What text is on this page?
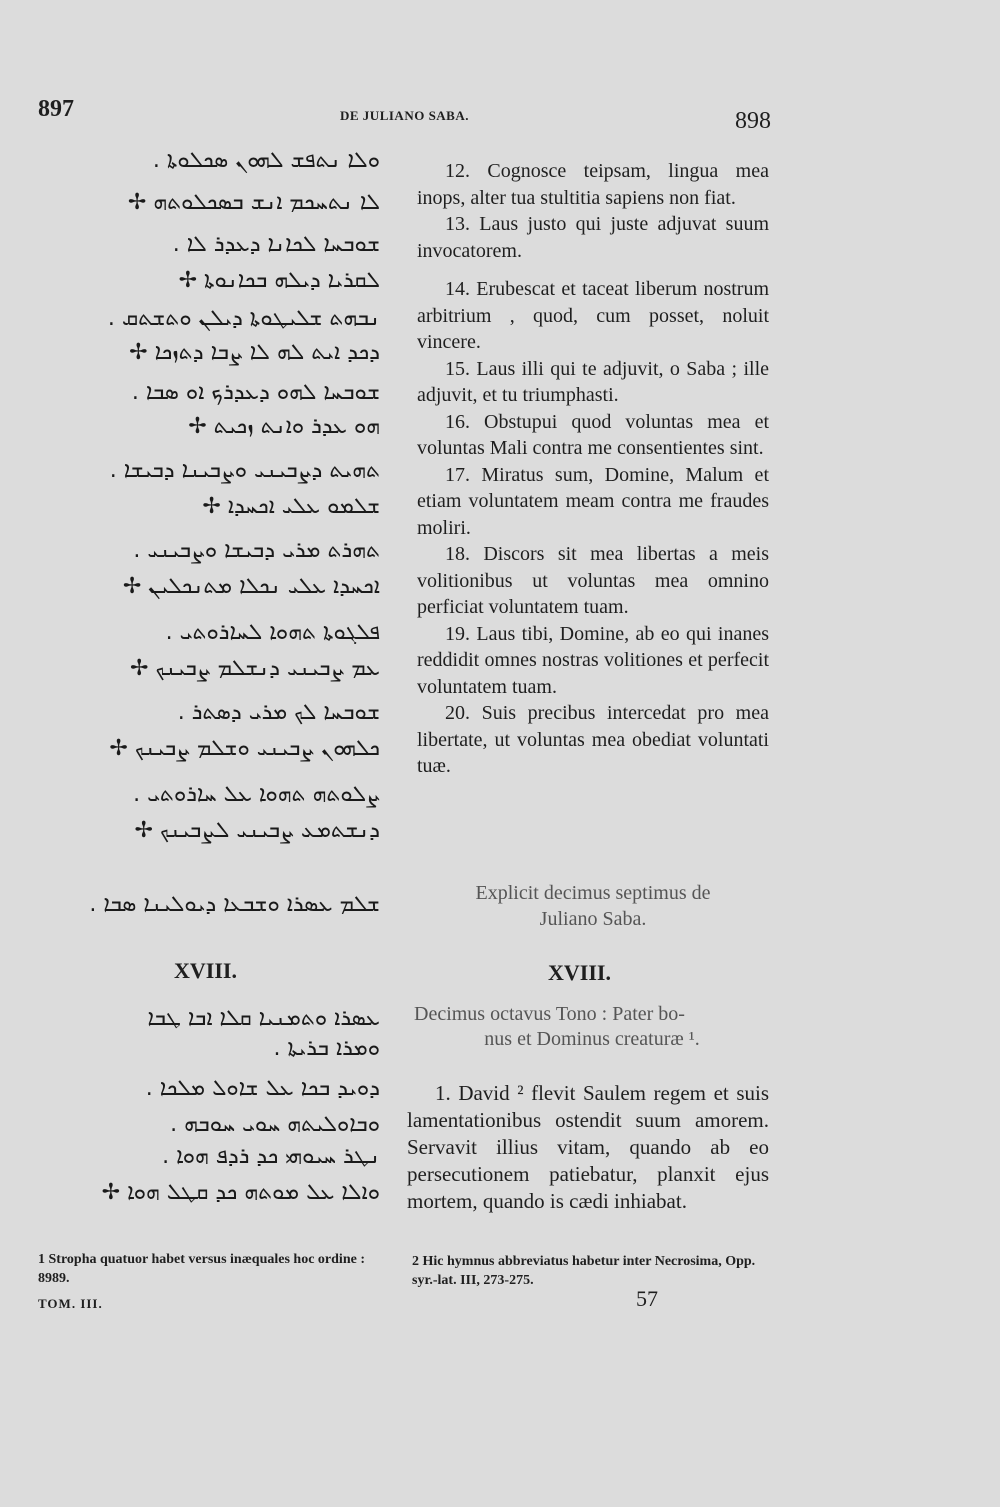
897	DE JULIANO SABA.	898
ܘܠܐ ܢܬܦܫ ܠܗܘܢ ܣܟܠܘܬܐ .
ܠܐ ܢܬܚܟܡ ܐܢܫ ܒܣܟܠܘܬܗ ✢
ܫܘܒܚܐ ܠܟܐܢܐ ܕܥܕܪ ܠܐ .
ܠܩܪܝܐ ܕܝܠܗ ܒܟܐܢܘܬܐ ✢
ܢܒܗܬ ܫܠܝܛܘܬܐ ܕܝܠܢ ܘܬܫܬܩ .
ܕܟܕ ܐܝܬ ܠܗ ܠܐ ܨܒܐ ܕܬܙܟܐ ✢
ܫܘܒܚܐ ܠܗܘ ܕܥܕܪܟ ܐܘ ܣܒܐ .
ܗܘ ܥܕܪ ܘܐܢܬ ܙܟܝܬ ✢
ܬܗܝܬ ܕܨܒܝܢܝ ܘܨܒܝܢܐ ܕܒܝܫܐ .
ܫܠܡܘ ܥܠܝ ܐܟܚܕܐ ✢
ܬܗܪܬ ܡܪܝ ܕܒܝܫܐ ܘܨܒܝܢܝ .
ܐܟܚܕܐ ܥܠܝ ܢܟܠܐ ܡܬܢܟܠܝܢ ✢
ܦܠܓܘܬܐ ܬܗܘܐ ܠܚܐܪܘܬܝ .
ܥܡ ܨܒܝܢܝ ܕܢܫܠܡ ܨܒܝܢܟ ✢
ܫܘܒܚܐ ܠܟ ܡܪܝ ܕܣܬܪ .
ܟܠܗܘܢ ܨܒܝܢܝ ܘܫܠܡ ܨܒܝܢܟ ✢
ܨܠܘܬܗ ܬܗܘܐ ܥܠ ܚܐܪܘܬܝ .
ܕܢܫܬܡܥ ܨܒܝܢܝ ܠܨܒܝܢܟ ✢
ܫܠܡ ܥܣܪܐ ܘܫܒܥܐ ܕܝܘܠܝܢܐ ܣܒܐ .
XVIII.
ܥܣܪܐ ܘܬܡܢܝܐ ܩܠܐ ܐܒܐ ܛܒܐ
ܘܡܪܐ ܒܪܝܬܐ .
ܕܘܝܕ ܒܟܐ ܥܠ ܫܐܘܠ ܡܠܟܐ .
ܘܒܐܘܠܝܬܗ ܚܘܝ ܚܘܒܗ .
ܢܛܪ ܚܝܘܗܝ ܟܕ ܪܕܦ ܗܘܐ .
ܘܐܠܐ ܥܠ ܡܘܬܗ ܟܕ ܩܛܠ ܗܘܐ ✢
1 Stropha quatuor habet versus inæquales hoc ordine : 8989.
TOM. III.

12. Cognosce teipsam, lingua mea inops, alter tua stultitia sapiens non fiat.

13. Laus justo qui juste adjuvat suum invocatorem.

14. Erubescat et taceat liberum nostrum arbitrium , quod, cum posset, noluit vincere.

15. Laus illi qui te adjuvit, o Saba ; ille adjuvit, et tu triumphasti.

16. Obstupui quod voluntas mea et voluntas Mali contra me consentientes sint.

17. Miratus sum, Domine, Malum et etiam voluntatem meam contra me fraudes moliri.

18. Discors sit mea libertas a meis volitionibus ut voluntas mea omnino perficiat voluntatem tuam.

19. Laus tibi, Domine, ab eo qui inanes reddidit omnes nostras volitiones et perfecit voluntatem tuam.

20. Suis precibus intercedat pro mea libertate, ut voluntas mea obediat voluntati tuæ.

Explicit decimus septimus de
Juliano Saba.
XVIII.
Decimus octavus Tono : Pater bo-
nus et Dominus creaturæ ¹.

1. David ² flevit Saulem regem et suis lamentationibus ostendit suum amorem. Servavit illius vitam, quando ab eo persecutionem patiebatur, planxit ejus mortem, quando is cædi inhiabat.

2 Hic hymnus abbreviatus habetur inter Necrosima, Opp. syr.-lat. III, 273-275.
57
